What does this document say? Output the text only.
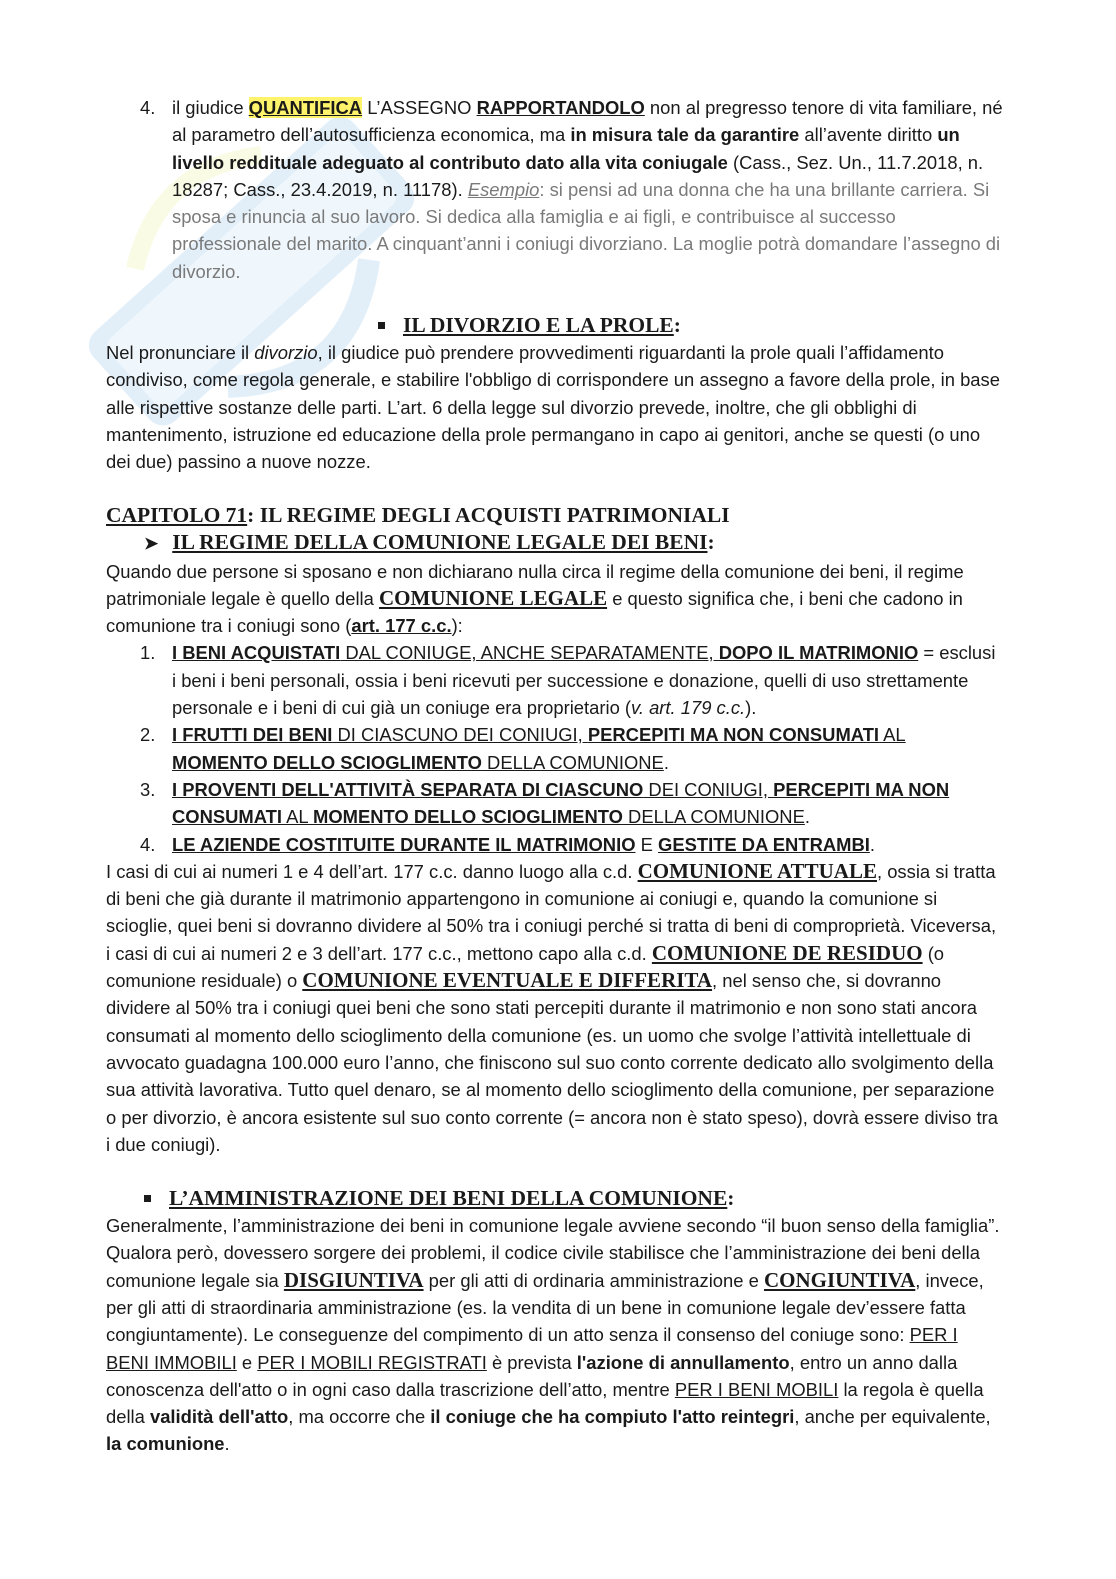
4. il giudice QUANTIFICA L’ASSEGNO RAPPORTANDOLO non al pregresso tenore di vita familiare, né al parametro dell’autosufficienza economica, ma in misura tale da garantire all’avente diritto un livello reddituale adeguato al contributo dato alla vita coniugale (Cass., Sez. Un., 11.7.2018, n. 18287; Cass., 23.4.2019, n. 11178). Esempio: si pensi ad una donna che ha una brillante carriera. Si sposa e rinuncia al suo lavoro. Si dedica alla famiglia e ai figli, e contribuisce al successo professionale del marito. A cinquant’anni i coniugi divorziano. La moglie potrà domandare l’assegno di divorzio.

IL DIVORZIO E LA PROLE:

Nel pronunciare il divorzio, il giudice può prendere provvedimenti riguardanti la prole quali l’affidamento condiviso, come regola generale, e stabilire l'obbligo di corrispondere un assegno a favore della prole, in base alle rispettive sostanze delle parti. L’art. 6 della legge sul divorzio prevede, inoltre, che gli obblighi di mantenimento, istruzione ed educazione della prole permangano in capo ai genitori, anche se questi (o uno dei due) passino a nuove nozze.

CAPITOLO 71: IL REGIME DEGLI ACQUISTI PATRIMONIALI
➤ IL REGIME DELLA COMUNIONE LEGALE DEI BENI:

Quando due persone si sposano e non dichiarano nulla circa il regime della comunione dei beni, il regime patrimoniale legale è quello della COMUNIONE LEGALE e questo significa che, i beni che cadono in comunione tra i coniugi sono (art. 177 c.c.):

1. I BENI ACQUISTATI DAL CONIUGE, ANCHE SEPARATAMENTE, DOPO IL MATRIMONIO = esclusi i beni i beni personali, ossia i beni ricevuti per successione e donazione, quelli di uso strettamente personale e i beni di cui già un coniuge era proprietario (v. art. 179 c.c.).

2. I FRUTTI DEI BENI DI CIASCUNO DEI CONIUGI, PERCEPITI MA NON CONSUMATI AL MOMENTO DELLO SCIOGLIMENTO DELLA COMUNIONE.

3. I PROVENTI DELL'ATTIVITÀ SEPARATA DI CIASCUNO DEI CONIUGI, PERCEPITI MA NON CONSUMATI AL MOMENTO DELLO SCIOGLIMENTO DELLA COMUNIONE.

4. LE AZIENDE COSTITUITE DURANTE IL MATRIMONIO E GESTITE DA ENTRAMBI.

I casi di cui ai numeri 1 e 4 dell’art. 177 c.c. danno luogo alla c.d. COMUNIONE ATTUALE, ossia si tratta di beni che già durante il matrimonio appartengono in comunione ai coniugi e, quando la comunione si scioglie, quei beni si dovranno dividere al 50% tra i coniugi perché si tratta di beni di comproprietà. Viceversa, i casi di cui ai numeri 2 e 3 dell’art. 177 c.c., mettono capo alla c.d. COMUNIONE DE RESIDUO (o comunione residuale) o COMUNIONE EVENTUALE E DIFFERITA, nel senso che, si dovranno dividere al 50% tra i coniugi quei beni che sono stati percepiti durante il matrimonio e non sono stati ancora consumati al momento dello scioglimento della comunione (es. un uomo che svolge l’attività intellettuale di avvocato guadagna 100.000 euro l’anno, che finiscono sul suo conto corrente dedicato allo svolgimento della sua attività lavorativa. Tutto quel denaro, se al momento dello scioglimento della comunione, per separazione o per divorzio, è ancora esistente sul suo conto corrente (= ancora non è stato speso), dovrà essere diviso tra i due coniugi).

L’AMMINISTRAZIONE DEI BENI DELLA COMUNIONE:

Generalmente, l’amministrazione dei beni in comunione legale avviene secondo “il buon senso della famiglia”. Qualora però, dovessero sorgere dei problemi, il codice civile stabilisce che l’amministrazione dei beni della comunione legale sia DISGIUNTIVA per gli atti di ordinaria amministrazione e CONGIUNTIVA, invece, per gli atti di straordinaria amministrazione (es. la vendita di un bene in comunione legale dev’essere fatta congiuntamente). Le conseguenze del compimento di un atto senza il consenso del coniuge sono: PER I BENI IMMOBILI e PER I MOBILI REGISTRATI è prevista l'azione di annullamento, entro un anno dalla conoscenza dell'atto o in ogni caso dalla trascrizione dell’atto, mentre PER I BENI MOBILI la regola è quella della validità dell'atto, ma occorre che il coniuge che ha compiuto l'atto reintegri, anche per equivalente, la comunione.
